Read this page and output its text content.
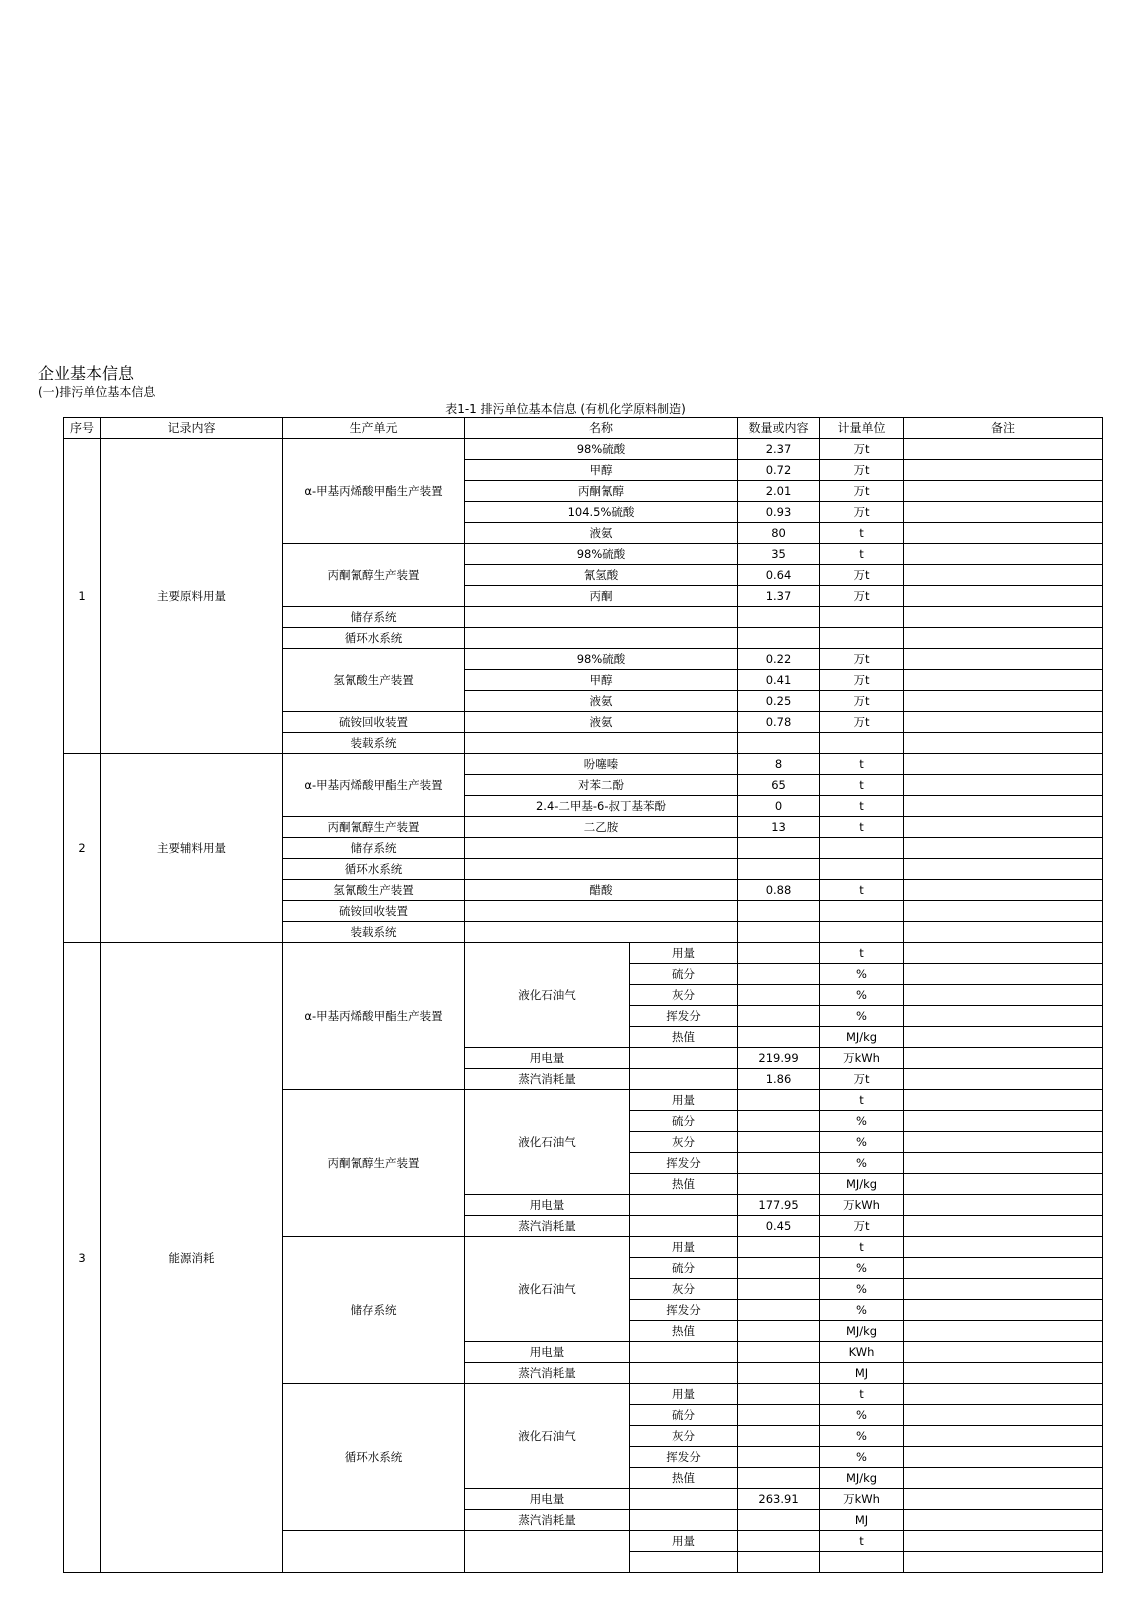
企业基本信息
(一)排污单位基本信息
表1-1 排污单位基本信息 (有机化学原料制造)
序号	记录内容	生产单元	名称		数量或内容	计量单位	备注
1	主要原料用量	α-甲基丙烯酸甲酯生产装置	98%硫酸		2.37	万t	
			甲醇		0.72	万t	
			丙酮氰醇		2.01	万t	
			104.5%硫酸		0.93	万t	
			液氨		80	t	
		丙酮氰醇生产装置	98%硫酸		35	t	
			氰氢酸		0.64	万t	
			丙酮		1.37	万t	
		储存系统					
		循环水系统					
		氢氰酸生产装置	98%硫酸		0.22	万t	
			甲醇		0.41	万t	
			液氨		0.25	万t	
		硫铵回收装置	液氨		0.78	万t	
		装载系统					
2	主要辅料用量	α-甲基丙烯酸甲酯生产装置	吩噻嗪		8	t	
			对苯二酚		65	t	
			2.4-二甲基-6-叔丁基苯酚		0	t	
		丙酮氰醇生产装置	二乙胺		13	t	
		储存系统					
		循环水系统					
		氢氰酸生产装置	醋酸		0.88	t	
		硫铵回收装置					
		装载系统					
3	能源消耗	α-甲基丙烯酸甲酯生产装置	液化石油气	用量		t	
				硫分		%	
				灰分		%	
				挥发分		%	
				热值		MJ/kg	
			用电量		219.99	万kWh	
			蒸汽消耗量		1.86	万t	
		丙酮氰醇生产装置	液化石油气	用量		t	
				硫分		%	
				灰分		%	
				挥发分		%	
				热值		MJ/kg	
			用电量		177.95	万kWh	
			蒸汽消耗量		0.45	万t	
		储存系统	液化石油气	用量		t	
				硫分		%	
				灰分		%	
				挥发分		%	
				热值		MJ/kg	
			用电量			KWh	
			蒸汽消耗量			MJ	
		循环水系统	液化石油气	用量		t	
				硫分		%	
				灰分		%	
				挥发分		%	
				热值		MJ/kg	
			用电量		263.91	万kWh	
			蒸汽消耗量			MJ	
				用量		t	
